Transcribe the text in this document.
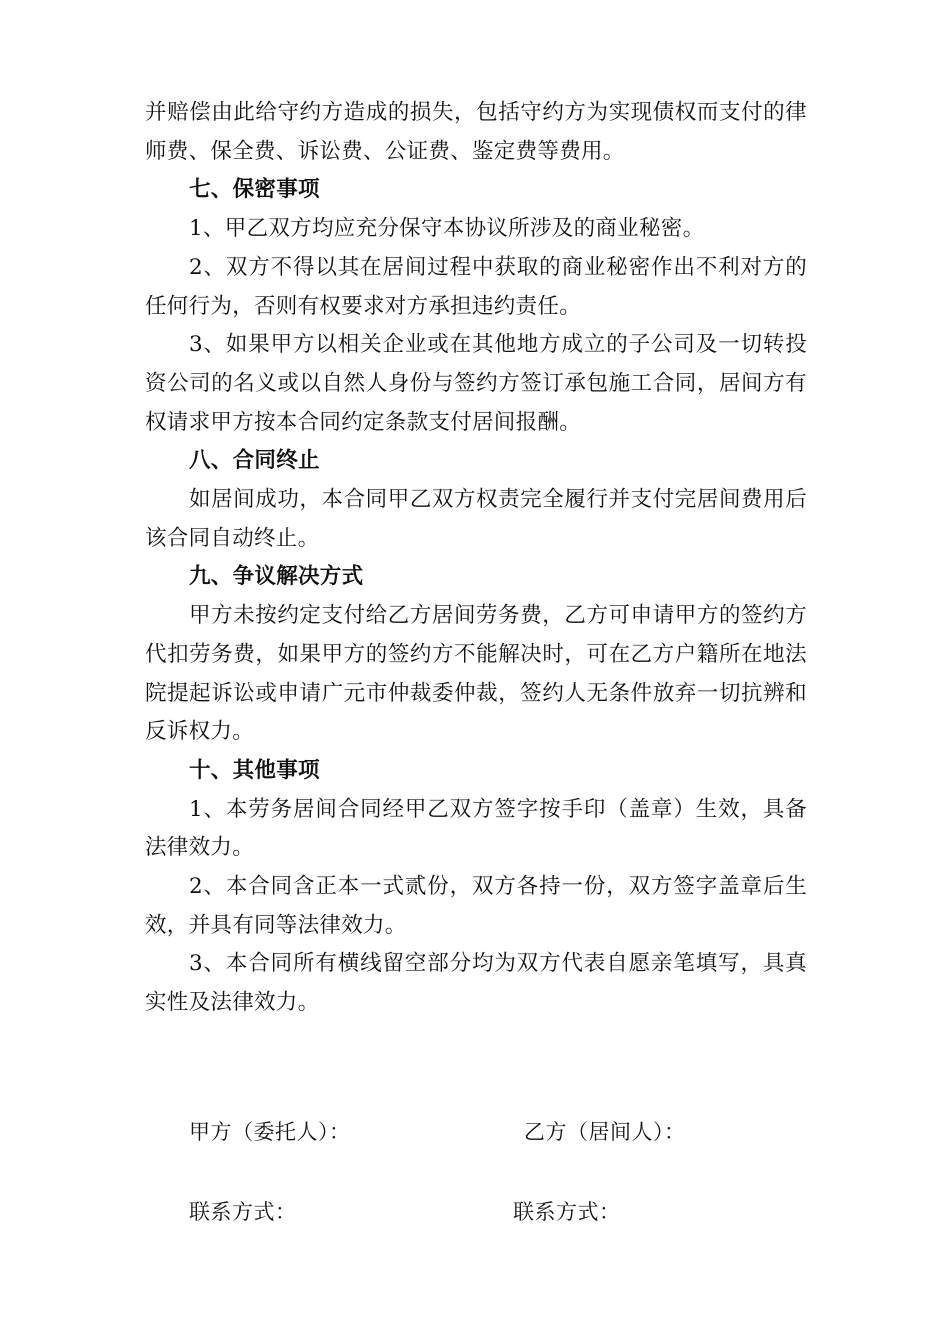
并赔偿由此给守约方造成的损失，包括守约方为实现债权而支付的律师费、保全费、诉讼费、公证费、鉴定费等费用。

七、保密事项

1、甲乙双方均应充分保守本协议所涉及的商业秘密。

2、双方不得以其在居间过程中获取的商业秘密作出不利对方的任何行为，否则有权要求对方承担违约责任。

3、如果甲方以相关企业或在其他地方成立的子公司及一切转投资公司的名义或以自然人身份与签约方签订承包施工合同，居间方有权请求甲方按本合同约定条款支付居间报酬。

八、合同终止

如居间成功，本合同甲乙双方权责完全履行并支付完居间费用后该合同自动终止。

九、争议解决方式

甲方未按约定支付给乙方居间劳务费，乙方可申请甲方的签约方代扣劳务费，如果甲方的签约方不能解决时，可在乙方户籍所在地法院提起诉讼或申请广元市仲裁委仲裁，签约人无条件放弃一切抗辨和反诉权力。

十、其他事项

1、本劳务居间合同经甲乙双方签字按手印（盖章）生效，具备法律效力。

2、本合同含正本一式贰份，双方各持一份，双方签字盖章后生效，并具有同等法律效力。

3、本合同所有横线留空部分均为双方代表自愿亲笔填写，具真实性及法律效力。

甲方（委托人）：	乙方（居间人）：
联系方式：	联系方式：
